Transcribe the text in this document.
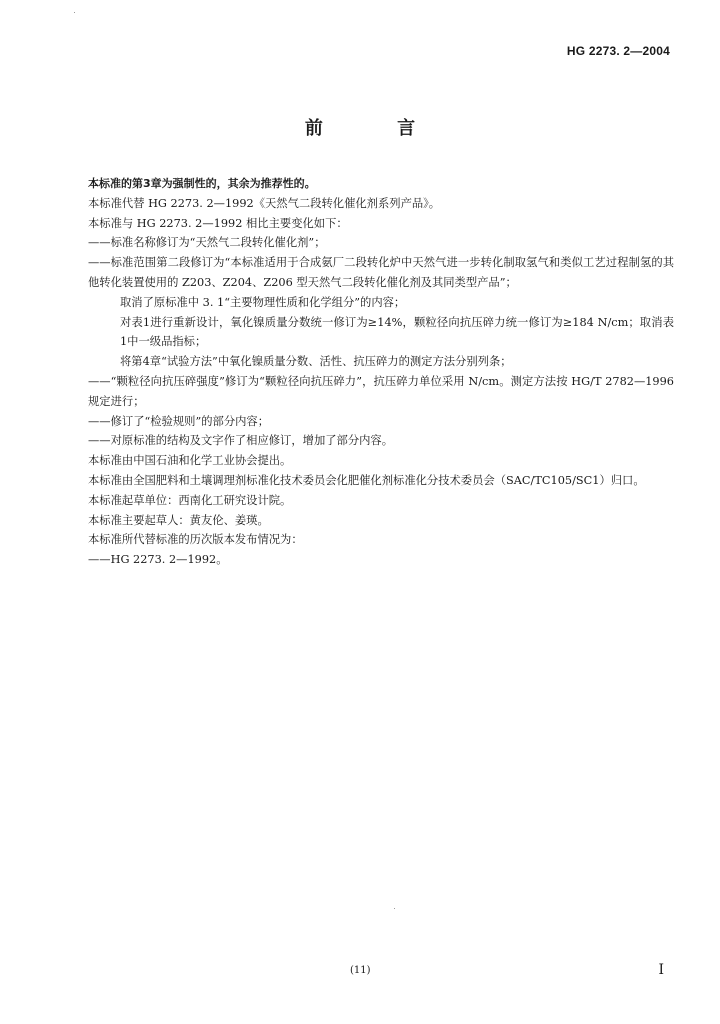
HG 2273. 2—2004
前 言

本标准的第3章为强制性的，其余为推荐性的。

本标准代替 HG 2273. 2—1992《天然气二段转化催化剂系列产品》。

本标准与 HG 2273. 2—1992 相比主要变化如下：

——标准名称修订为“天然气二段转化催化剂”；

——标准范围第二段修订为“本标准适用于合成氨厂二段转化炉中天然气进一步转化制取氢气和类似工艺过程制氢的其他转化装置使用的 Z203、Z204、Z206 型天然气二段转化催化剂及其同类型产品”；

取消了原标准中 3. 1“主要物理性质和化学组分”的内容；

对表1进行重新设计，氧化镍质量分数统一修订为≥14%，颗粒径向抗压碎力统一修订为≥184 N/cm；取消表1中一级品指标；

将第4章“试验方法”中氧化镍质量分数、活性、抗压碎力的测定方法分别列条；

——“颗粒径向抗压碎强度”修订为“颗粒径向抗压碎力”，抗压碎力单位采用 N/cm。测定方法按 HG/T 2782—1996 规定进行；

——修订了“检验规则”的部分内容；

——对原标准的结构及文字作了相应修订，增加了部分内容。

本标准由中国石油和化学工业协会提出。

本标准由全国肥料和土壤调理剂标准化技术委员会化肥催化剂标准化分技术委员会（SAC/TC105/SC1）归口。

本标准起草单位：西南化工研究设计院。

本标准主要起草人：黄友伦、姜瑛。

本标准所代替标准的历次版本发布情况为：

——HG 2273. 2—1992。

(11)	I
